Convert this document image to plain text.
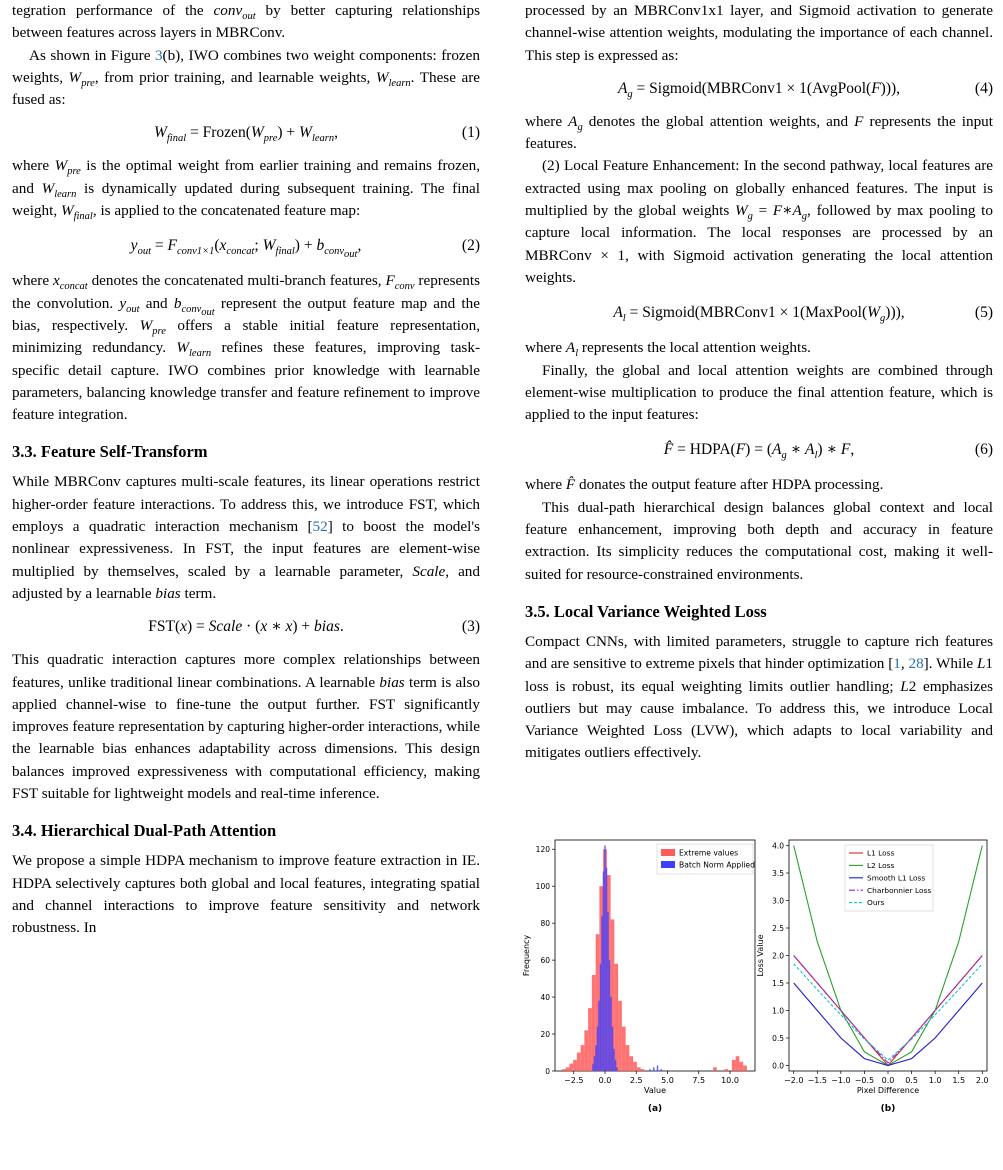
tegration performance of the conv$_{out}$ by better capturing relationships between features across layers in MBRConv.

As shown in Figure 3(b), IWO combines two weight components: frozen weights, $W_{pre}$, from prior training, and learnable weights, $W_{learn}$. These are fused as:

$W_{final}$ = $Frozen(W_{pre}) + W_{learn}$,	(1)

where $W_{pre}$ is the optimal weight from earlier training and remains frozen, and $W_{learn}$ is dynamically updated during subsequent training. The final weight, $W_{final}$, is applied to the concatenated feature map:

$y_{out} = F_{conv1\times 1}(x_{concat}$; $W_{final}) + b_{conv_{out}}$,	(2)

where $x_{concat}$ denotes the concatenated multi-branch features, $F_{conv}$ represents the convolution. $y_{out}$ and $b_{conv_{out}}$ represent the output feature map and the bias, respectively. $W_{pre}$ offers a stable initial feature representation, minimizing redundancy. $W_{learn}$ refines these features, improving task-specific detail capture. IWO combines prior knowledge with learnable parameters, balancing knowledge transfer and feature refinement to improve feature integration.

3.3. Feature Self-Transform

While MBRConv captures multi-scale features, its linear operations restrict higher-order feature interactions. To address this, we introduce FST, which employs a quadratic interaction mechanism [52] to boost the model's nonlinear expressiveness. In FST, the input features are element-wise multiplied by themselves, scaled by a learnable parameter, Scale, and adjusted by a learnable bias term.

FST(x) = Scale · (x ∗ x) + bias.	(3)

This quadratic interaction captures more complex relationships between features, unlike traditional linear combinations. A learnable bias term is also applied channel-wise to fine-tune the output further. FST significantly improves feature representation by capturing higher-order interactions, while the learnable bias enhances adaptability across dimensions. This design balances improved expressiveness with computational efficiency, making FST suitable for lightweight models and real-time inference.

3.4. Hierarchical Dual-Path Attention

We propose a simple HDPA mechanism to improve feature extraction in IE. HDPA selectively captures both global and local features, integrating spatial and channel interactions to improve feature sensitivity and network robustness. In

processed by an MBRConv1x1 layer, and Sigmoid activation to generate channel-wise attention weights, modulating the importance of each channel. This step is expressed as:

$A_g$ = Sigmoid(MBRConv1 × 1(AvgPool(F))),	(4)

where $A_g$ denotes the global attention weights, and F represents the input features.

(2) Local Feature Enhancement: In the second pathway, local features are extracted using max pooling on globally enhanced features. The input is multiplied by the global weights $W_g$ = $F∗A_g$, followed by max pooling to capture local information. The local responses are processed by an MBRConv × 1, with Sigmoid activation generating the local attention weights.

$A_l$ = Sigmoid(MBRConv1 × $1(MaxPool(W_g))$),	(5)

where $A_l$ represents the local attention weights.

Finally, the global and local attention weights are combined through element-wise multiplication to produce the final attention feature, which is applied to the input features:

F̂ = HDPA(F) = ($A_g$ ∗ $A_l$) ∗ F,	(6)

where F̂ donates the output feature after HDPA processing.

This dual-path hierarchical design balances global context and local feature enhancement, improving both depth and accuracy in feature extraction. Its simplicity reduces the computational cost, making it well-suited for resource-constrained environments.

3.5. Local Variance Weighted Loss

Compact CNNs, with limited parameters, struggle to capture rich features and are sensitive to extreme pixels that hinder optimization [1, 28]. While L1 loss is robust, its equal weighting limits outlier handling; L2 emphasizes outliers but may cause imbalance. To address this, we introduce Local Variance Weighted Loss (LVW), which adapts to local variability and mitigates outliers effectively.

−2.5 0.0 2.5 5.0 7.5 10.0
0
20
40
60
80
100
120
Value
Frequency
(a)
Extreme values
Batch Norm Applied
−2.0 −1.5 −1.0 −0.5 0.0 0.5 1.0 1.5 2.0
0.0
0.5
1.0
1.5
2.0
2.5
3.0
3.5
4.0
Pixel Difference
Loss Value
(b)
L1 Loss
L2 Loss
Smooth L1 Loss
Charbonnier Loss
Ours
